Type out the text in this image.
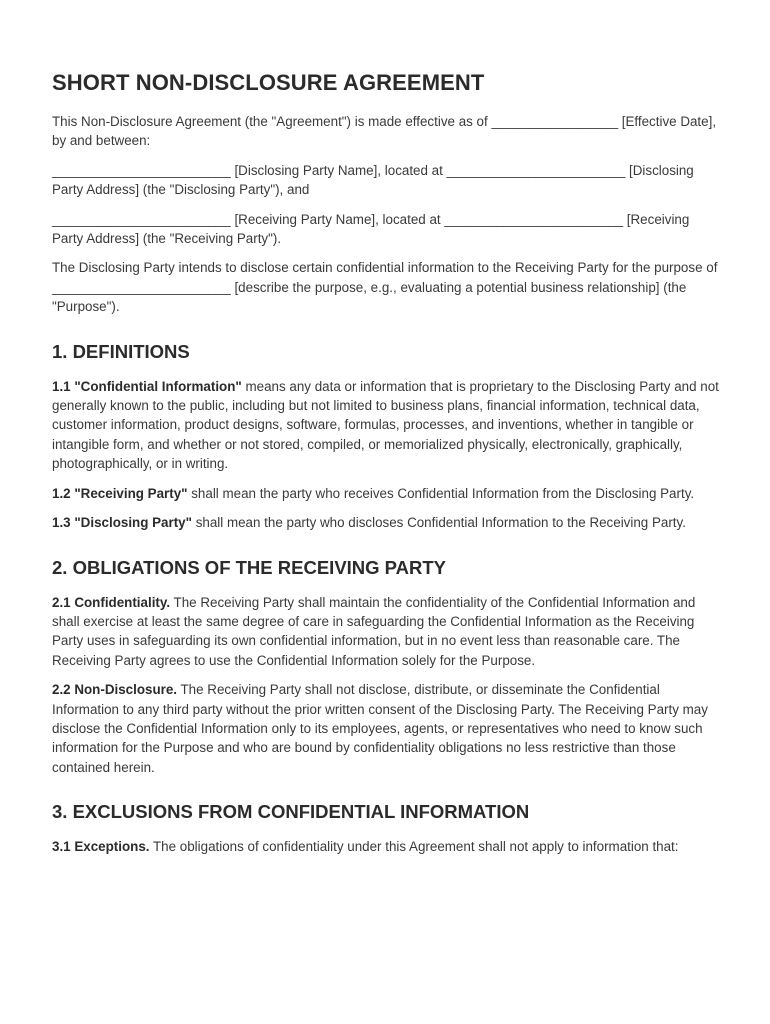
SHORT NON-DISCLOSURE AGREEMENT

This Non-Disclosure Agreement (the "Agreement") is made effective as of _________________ [Effective Date], by and between:

________________________ [Disclosing Party Name], located at ________________________ [Disclosing Party Address] (the "Disclosing Party"), and

________________________ [Receiving Party Name], located at ________________________ [Receiving Party Address] (the "Receiving Party").

The Disclosing Party intends to disclose certain confidential information to the Receiving Party for the purpose of ________________________ [describe the purpose, e.g., evaluating a potential business relationship] (the "Purpose").

1. DEFINITIONS

1.1 "Confidential Information" means any data or information that is proprietary to the Disclosing Party and not generally known to the public, including but not limited to business plans, financial information, technical data, customer information, product designs, software, formulas, processes, and inventions, whether in tangible or intangible form, and whether or not stored, compiled, or memorialized physically, electronically, graphically, photographically, or in writing.

1.2 "Receiving Party" shall mean the party who receives Confidential Information from the Disclosing Party.

1.3 "Disclosing Party" shall mean the party who discloses Confidential Information to the Receiving Party.

2. OBLIGATIONS OF THE RECEIVING PARTY

2.1 Confidentiality. The Receiving Party shall maintain the confidentiality of the Confidential Information and shall exercise at least the same degree of care in safeguarding the Confidential Information as the Receiving Party uses in safeguarding its own confidential information, but in no event less than reasonable care. The Receiving Party agrees to use the Confidential Information solely for the Purpose.

2.2 Non-Disclosure. The Receiving Party shall not disclose, distribute, or disseminate the Confidential Information to any third party without the prior written consent of the Disclosing Party. The Receiving Party may disclose the Confidential Information only to its employees, agents, or representatives who need to know such information for the Purpose and who are bound by confidentiality obligations no less restrictive than those contained herein.

3. EXCLUSIONS FROM CONFIDENTIAL INFORMATION

3.1 Exceptions. The obligations of confidentiality under this Agreement shall not apply to information that:
